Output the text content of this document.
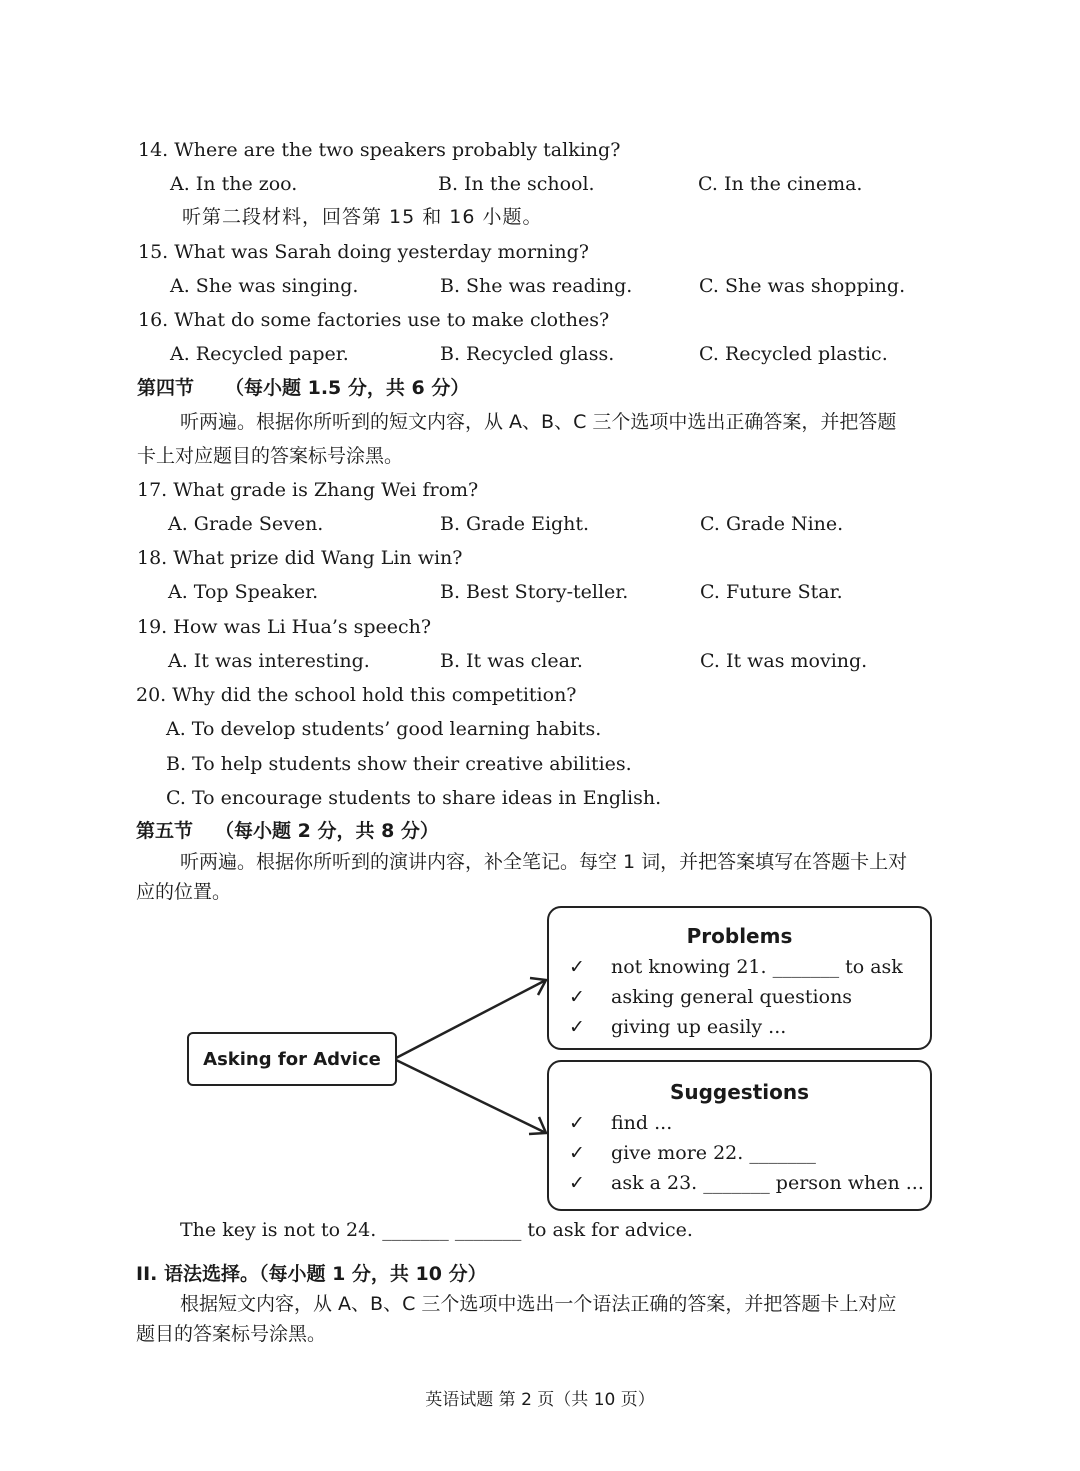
14. Where are the two speakers probably talking?
A. In the zoo.	B. In the school.	C. In the cinema.
听第二段材料，回答第 15 和 16 小题。
15. What was Sarah doing yesterday morning?
A. She was singing.	B. She was reading.	C. She was shopping.
16. What do some factories use to make clothes?
A. Recycled paper.	B. Recycled glass.	C. Recycled plastic.
第四节 （每小题 1.5 分，共 6 分）
听两遍。根据你所听到的短文内容，从 A、B、C 三个选项中选出正确答案，并把答题
卡上对应题目的答案标号涂黑。
17. What grade is Zhang Wei from?
A. Grade Seven.	B. Grade Eight.	C. Grade Nine.
18. What prize did Wang Lin win?
A. Top Speaker.	B. Best Story-teller.	C. Future Star.
19. How was Li Hua’s speech?
A. It was interesting.	B. It was clear.	C. It was moving.
20. Why did the school hold this competition?
A. To develop students’ good learning habits.
B. To help students show their creative abilities.
C. To encourage students to share ideas in English.
第五节 （每小题 2 分，共 8 分）
听两遍。根据你所听到的演讲内容，补全笔记。每空 1 词，并把答案填写在答题卡上对
应的位置。
Asking for Advice
Problems
✓ not knowing 21. _______ to ask
✓ asking general questions
✓ giving up easily ...
Suggestions
✓ find ...
✓ give more 22. _______
✓ ask a 23. _______ person when ...
The key is not to 24. _______ _______ to ask for advice.
II. 语法选择。（每小题 1 分，共 10 分）
根据短文内容，从 A、B、C 三个选项中选出一个语法正确的答案，并把答题卡上对应
题目的答案标号涂黑。
英语试题 第 2 页（共 10 页）
